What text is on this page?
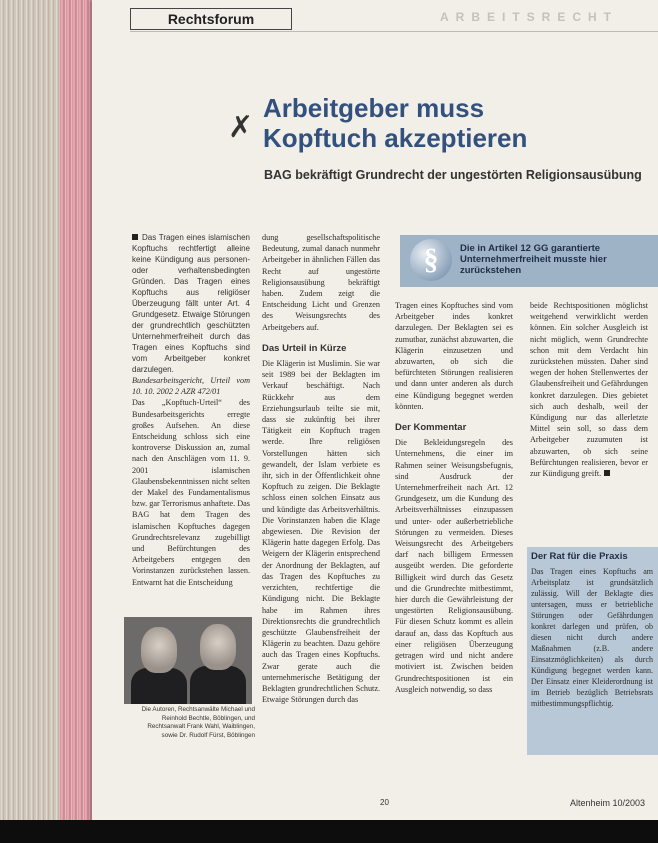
Rechtsforum	ARBEITSRECHT
✗
Arbeitgeber muss
Kopftuch akzeptieren
BAG bekräftigt Grundrecht der ungestörten Religionsausübung
Das Tragen eines islamischen Kopftuchs rechtfertigt alleine keine Kündigung aus personen- oder verhaltensbedingten Gründen. Das Tragen eines Kopftuchs aus religiöser Überzeugung fällt unter Art. 4 Grundgesetz. Etwaige Störungen der grundrechtlich geschützten Unternehmerfreiheit durch das Tragen eines Kopftuchs sind vom Arbeitgeber konkret darzulegen.
Bundesarbeitsgericht, Urteil vom 10. 10. 2002 2 AZR 472/01
Das „Kopftuch-Urteil“ des Bundesarbeitsgerichts erregte großes Aufsehen. An diese Entscheidung schloss sich eine kontroverse Diskussion an, zumal nach den Anschlägen vom 11. 9. 2001 islamischen Glaubensbekenntnissen nicht selten der Makel des Fundamentalismus bzw. gar Terrorismus anhaftete. Das BAG hat dem Tragen des islamischen Kopftuches dagegen Grundrechtsrelevanz zugebilligt und Befürchtungen des Arbeitgebers entgegen den Vorinstanzen zurückstehen lassen. Entwarnt hat die Entscheidung
dung gesellschaftspolitische Bedeutung, zumal danach nunmehr Arbeitgeber in ähnlichen Fällen das Recht auf ungestörte Religionsausübung bekräftigt haben. Zudem zeigt die Entscheidung Licht und Grenzen des Weisungsrechts des Arbeitgebers auf.
Das Urteil in Kürze
Die Klägerin ist Muslimin. Sie war seit 1989 bei der Beklagten im Verkauf beschäftigt. Nach Rückkehr aus dem Erziehungsurlaub teilte sie mit, dass sie zukünftig bei ihrer Tätigkeit ein Kopftuch tragen werde. Ihre religiösen Vorstellungen hätten sich gewandelt, der Islam verbiete es ihr, sich in der Öffentlichkeit ohne Kopftuch zu zeigen. Die Beklagte schloss einen solchen Einsatz aus und kündigte das Arbeitsverhältnis. Die Vorinstanzen haben die Klage abgewiesen. Die Revision der Klägerin hatte dagegen Erfolg. Das Weigern der Klägerin entsprechend der Anordnung der Beklagten, auf das Tragen des Kopftuches zu verzichten, rechtfertige die Kündigung nicht. Die Beklagte habe im Rahmen ihres Direktionsrechts die grundrechtlich geschützte Glaubensfreiheit der Klägerin zu beachten. Dazu gehöre auch das Tragen eines Kopftuchs. Zwar gerate auch die unternehmerische Betätigung der Beklagten grundrechtlichen Schutz. Etwaige Störungen durch das
§	Die in Artikel 12 GG garantierte Unternehmerfreiheit musste hier zurückstehen
Tragen eines Kopftuches sind vom Arbeitgeber indes konkret darzulegen. Der Beklagten sei es zumutbar, zunächst abzuwarten, die Klägerin einzusetzen und abzuwarten, ob sich die befürchteten Störungen realisieren und dann unter anderen als durch eine Kündigung begegnet werden könnten.
Der Kommentar
Die Bekleidungsregeln des Unternehmens, die einer im Rahmen seiner Weisungsbefugnis, sind Ausdruck der Unternehmerfreiheit nach Art. 12 Grundgesetz, um die Kundung des Arbeitsverhältnisses einzupassen und unter- oder außerbetriebliche Störungen zu vermeiden. Dieses Weisungsrecht des Arbeitgebers darf nach billigem Ermessen ausgeübt werden. Die geforderte Billigkeit wird durch das Gesetz und die Grundrechte mitbestimmt, hier durch die Gewährleistung der ungestörten Religionsausübung. Für diesen Schutz kommt es allein darauf an, dass das Kopftuch aus einer religiösen Überzeugung getragen wird und nicht andere motiviert ist. Zwischen beiden Grundrechtspositionen ist ein Ausgleich notwendig, so dass
beide Rechtspositionen möglichst weitgehend verwirklicht werden können. Ein solcher Ausgleich ist nicht möglich, wenn Grundrechte schon mit dem Verdacht hin zurückstehen müssten. Daher sind wegen der hohen Stellenwertes der Glaubensfreiheit und Gefährdungen konkret darzulegen. Dies gebietet sich auch deshalb, weil der Kündigung nur das allerletzte Mittel sein soll, so dass dem Arbeitgeber zuzumuten ist abzuwarten, ob sich seine Befürchtungen realisieren, bevor er zur Kündigung greift.
Der Rat für die Praxis
Das Tragen eines Kopftuchs am Arbeitsplatz ist grundsätzlich zulässig. Will der Beklagte dies untersagen, muss er betriebliche Störungen oder Gefährdungen konkret darlegen und prüfen, ob diesen nicht durch andere Maßnahmen (z.B. andere Einsatzmöglichkeiten) als durch Kündigung begegnet werden kann. Der Einsatz einer Kleiderordnung ist im Betrieb bezüglich Betriebsrats mitbestimmungspflichtig.
Die Autoren, Rechtsanwälte Michael und Reinhold Bechtle, Böblingen, und Rechtsanwalt Frank Wahl, Waiblingen, sowie Dr. Rudolf Fürst, Böblingen
20	Altenheim 10/2003
